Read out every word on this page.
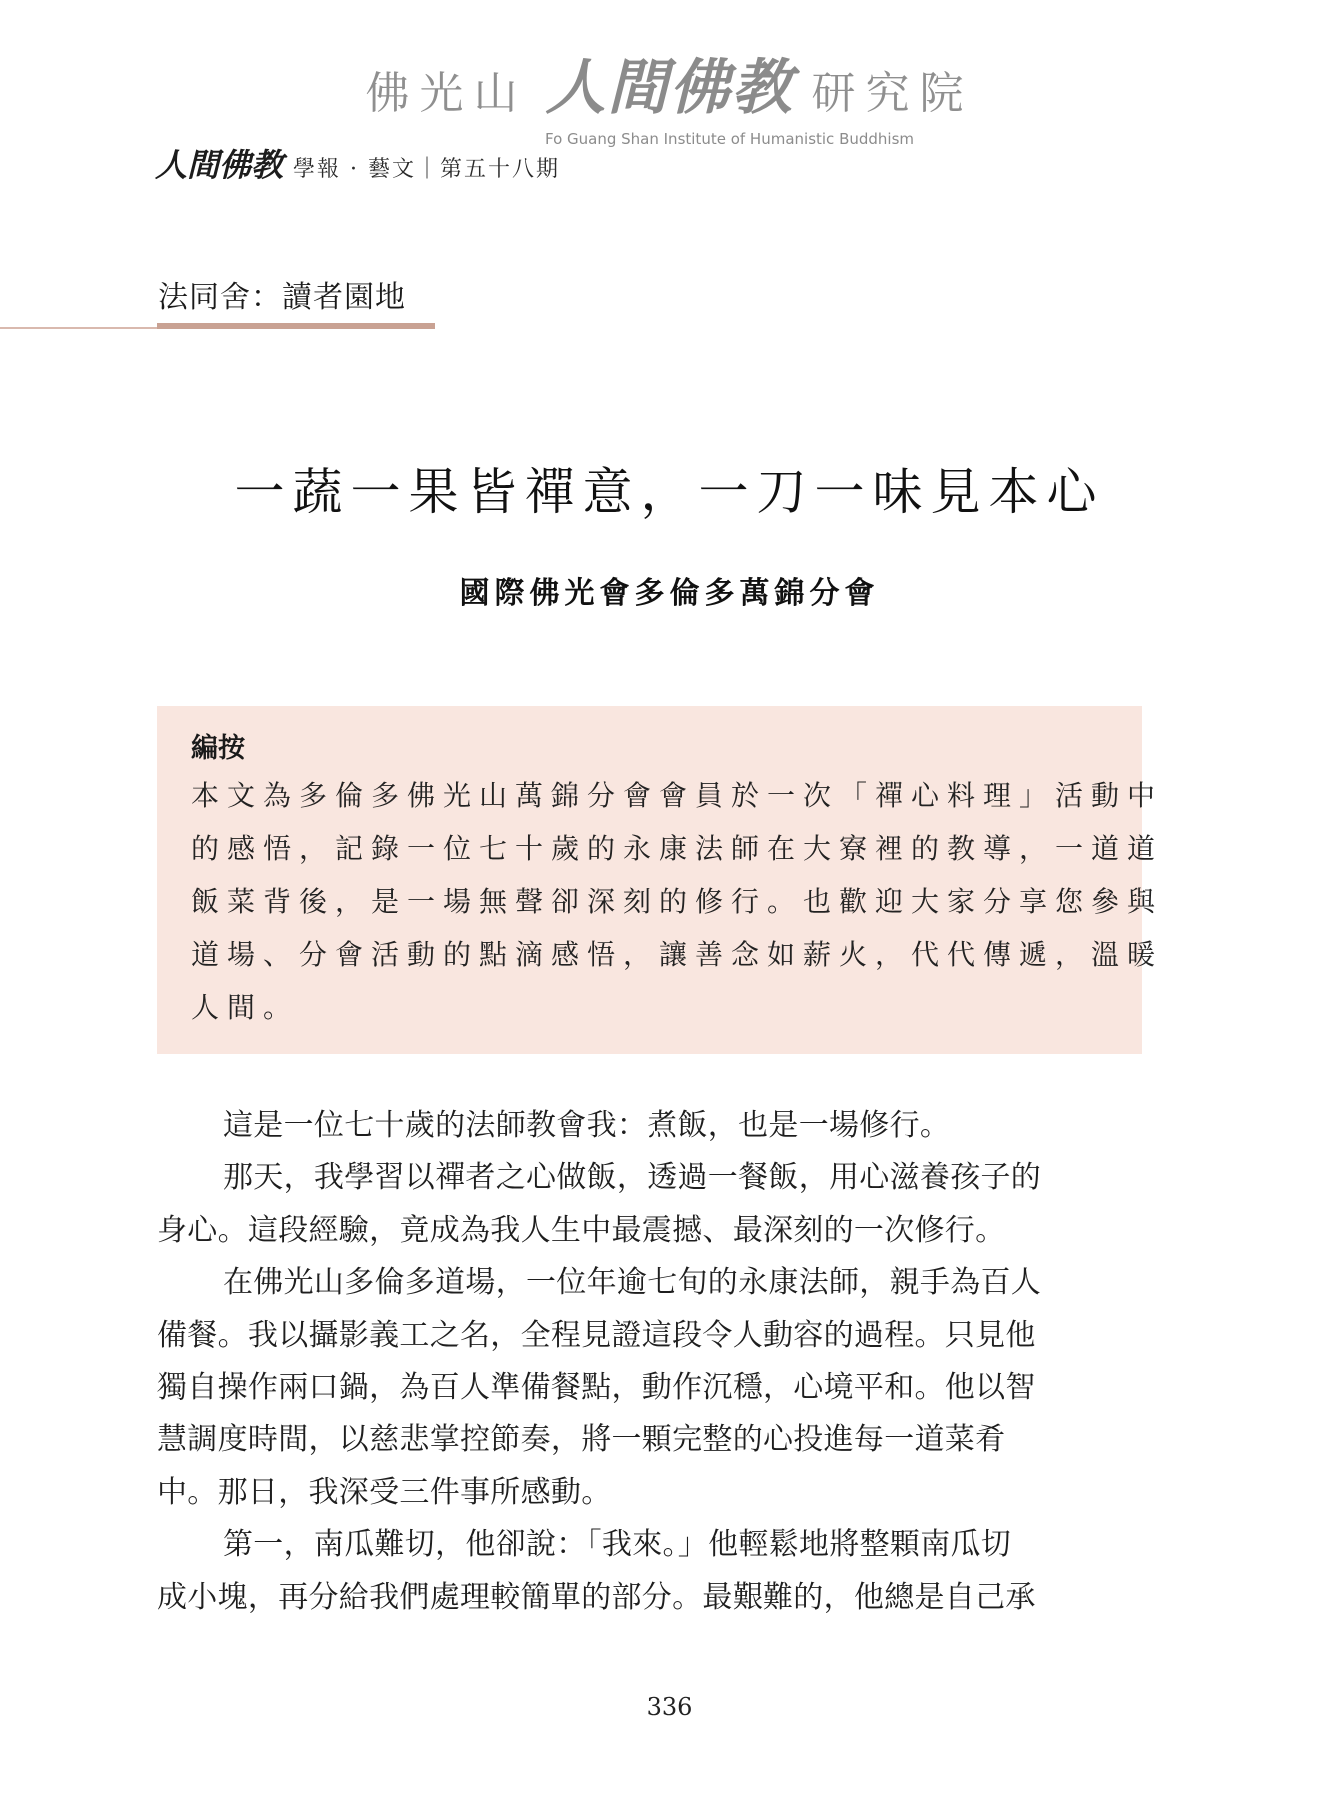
佛光山 人間佛教 研究院
Fo Guang Shan Institute of Humanistic Buddhism
人間佛教 學報 · 藝文｜第五十八期
法同舍：讀者園地
一蔬一果皆禪意，一刀一味見本心
國際佛光會多倫多萬錦分會
編按
本文為多倫多佛光山萬錦分會會員於一次「禪心料理」活動中
的感悟，記錄一位七十歲的永康法師在大寮裡的教導，一道道
飯菜背後，是一場無聲卻深刻的修行。也歡迎大家分享您參與
道場、分會活動的點滴感悟，讓善念如薪火，代代傳遞，溫暖
人間。
這是一位七十歲的法師教會我：煮飯，也是一場修行。
那天，我學習以禪者之心做飯，透過一餐飯，用心滋養孩子的
身心。這段經驗，竟成為我人生中最震撼、最深刻的一次修行。
在佛光山多倫多道場，一位年逾七旬的永康法師，親手為百人
備餐。我以攝影義工之名，全程見證這段令人動容的過程。只見他
獨自操作兩口鍋，為百人準備餐點，動作沉穩，心境平和。他以智
慧調度時間，以慈悲掌控節奏，將一顆完整的心投進每一道菜肴
中。那日，我深受三件事所感動。
第一，南瓜難切，他卻說：「我來。」他輕鬆地將整顆南瓜切
成小塊，再分給我們處理較簡單的部分。最艱難的，他總是自己承
336
